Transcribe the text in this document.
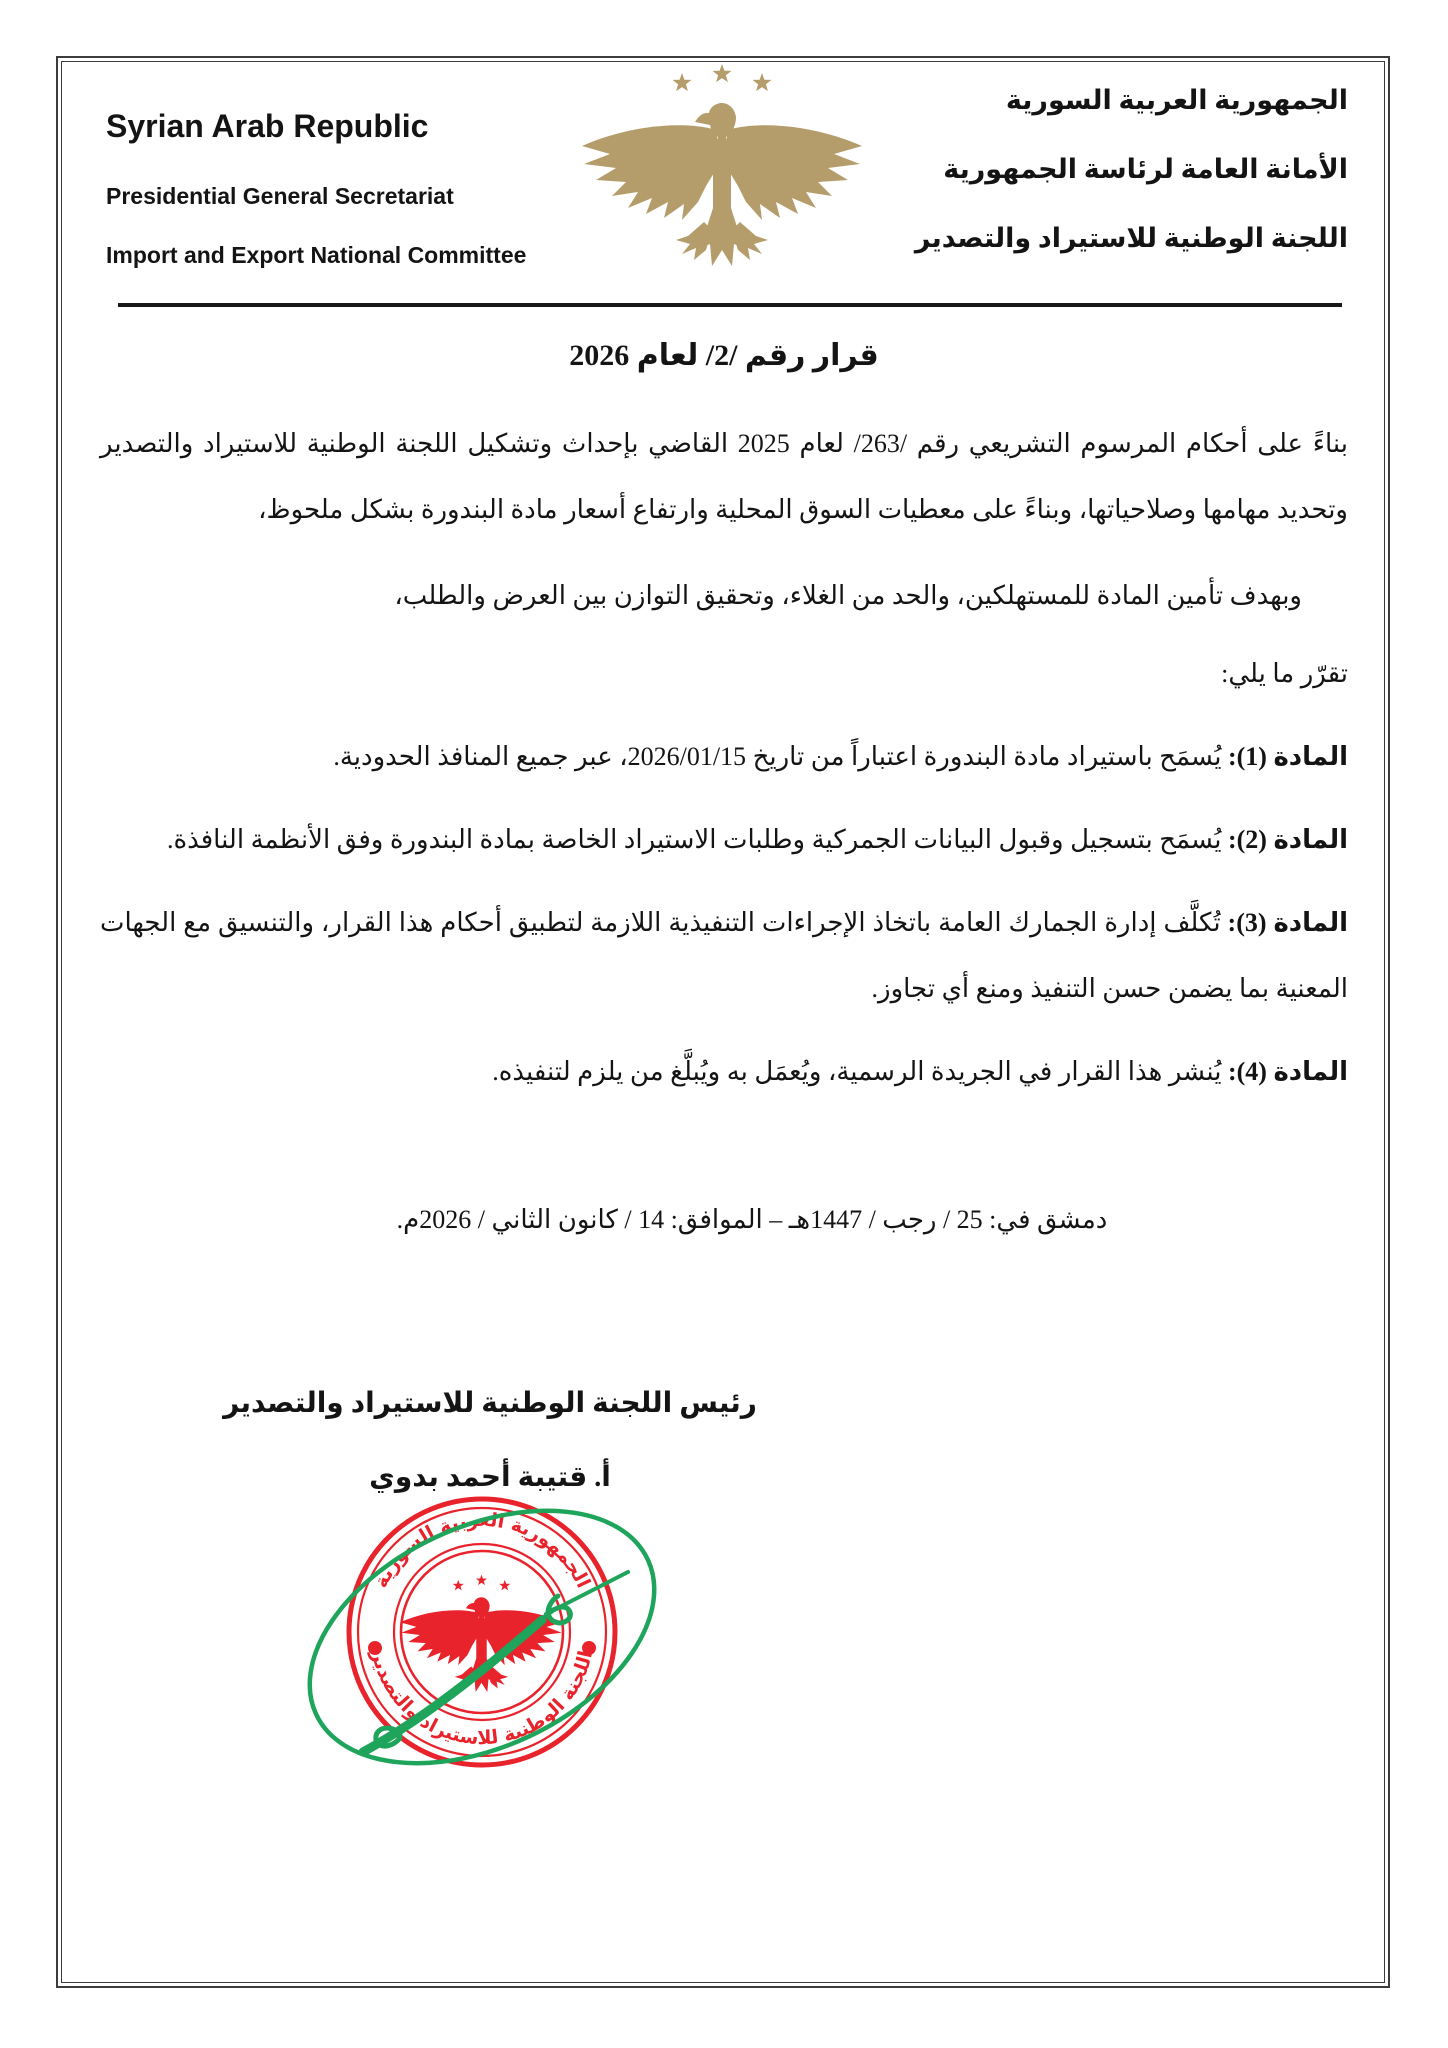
Syrian Arab Republic
Presidential General Secretariat
Import and Export National Committee
الجمهورية العربية السورية
الأمانة العامة لرئاسة الجمهورية
اللجنة الوطنية للاستيراد والتصدير
قرار رقم /2/ لعام 2026

بناءً على أحكام المرسوم التشريعي رقم /263/ لعام 2025 القاضي بإحداث وتشكيل اللجنة الوطنية للاستيراد والتصدير وتحديد مهامها وصلاحياتها، وبناءً على معطيات السوق المحلية وارتفاع أسعار مادة البندورة بشكل ملحوظ،

وبهدف تأمين المادة للمستهلكين، والحد من الغلاء، وتحقيق التوازن بين العرض والطلب،

تقرّر ما يلي:

المادة (1): يُسمَح باستيراد مادة البندورة اعتباراً من تاريخ 2026/01/15، عبر جميع المنافذ الحدودية.

المادة (2): يُسمَح بتسجيل وقبول البيانات الجمركية وطلبات الاستيراد الخاصة بمادة البندورة وفق الأنظمة النافذة.

المادة (3): تُكلَّف إدارة الجمارك العامة باتخاذ الإجراءات التنفيذية اللازمة لتطبيق أحكام هذا القرار، والتنسيق مع الجهات المعنية بما يضمن حسن التنفيذ ومنع أي تجاوز.

المادة (4): يُنشر هذا القرار في الجريدة الرسمية، ويُعمَل به ويُبلَّغ من يلزم لتنفيذه.

دمشق في: 25 / رجب / 1447هـ – الموافق: 14 / كانون الثاني / 2026م.
رئيس اللجنة الوطنية للاستيراد والتصدير
أ. قتيبة أحمد بدوي
الجمهورية العربية السورية
اللجنة الوطنية للاستيراد والتصدير
